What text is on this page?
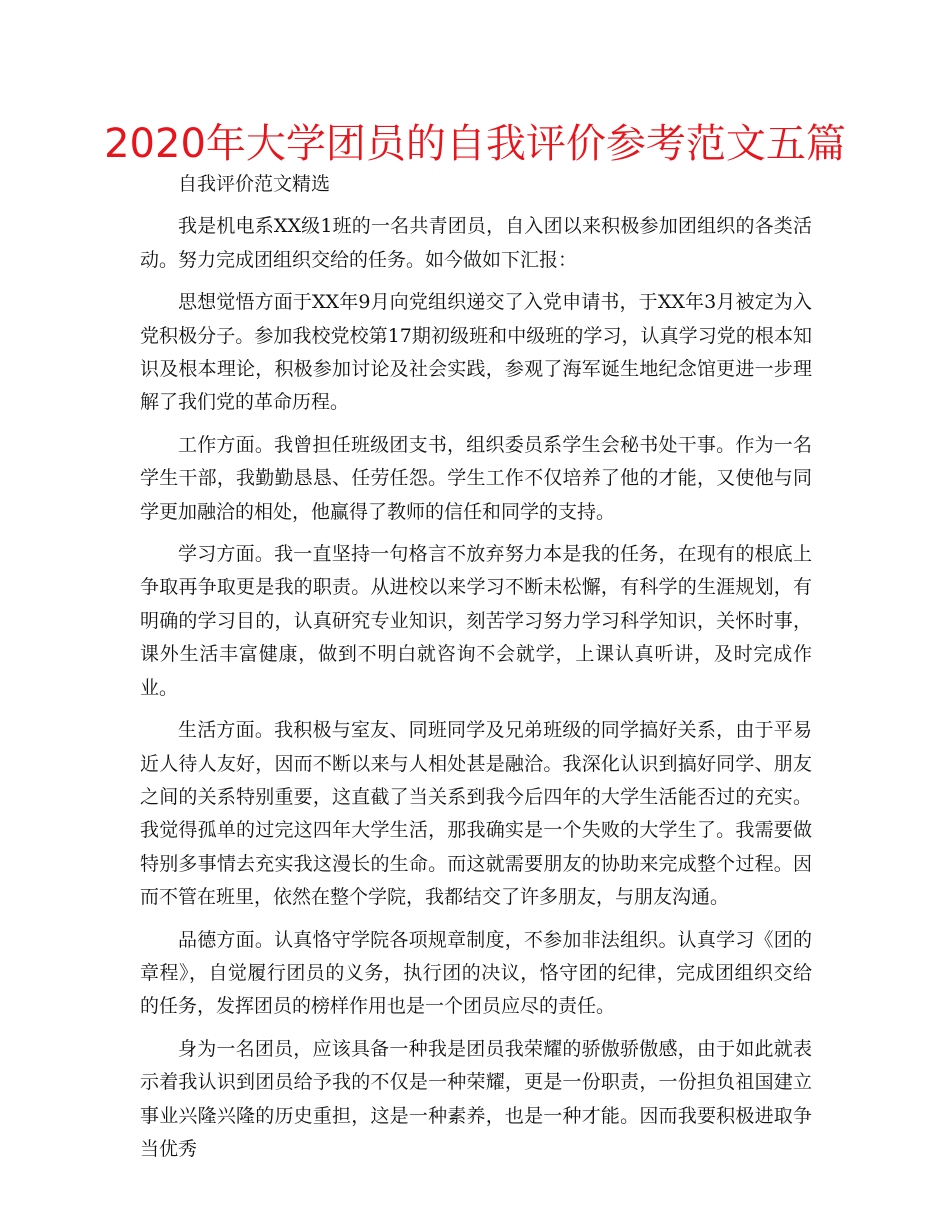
2020年大学团员的自我评价参考范文五篇

自我评价范文精选

我是机电系XX级1班的一名共青团员，自入团以来积极参加团组织的各类活动。努力完成团组织交给的任务。如今做如下汇报：

思想觉悟方面于XX年9月向党组织递交了入党申请书，于XX年3月被定为入党积极分子。参加我校党校第17期初级班和中级班的学习，认真学习党的根本知识及根本理论，积极参加讨论及社会实践，参观了海军诞生地纪念馆更进一步理解了我们党的革命历程。

工作方面。我曾担任班级团支书，组织委员系学生会秘书处干事。作为一名学生干部，我勤勤恳恳、任劳任怨。学生工作不仅培养了他的才能，又使他与同学更加融洽的相处，他赢得了教师的信任和同学的支持。

学习方面。我一直坚持一句格言不放弃努力本是我的任务，在现有的根底上争取再争取更是我的职责。从进校以来学习不断未松懈，有科学的生涯规划，有明确的学习目的，认真研究专业知识，刻苦学习努力学习科学知识，关怀时事，课外生活丰富健康，做到不明白就咨询不会就学，上课认真听讲，及时完成作业。

生活方面。我积极与室友、同班同学及兄弟班级的同学搞好关系，由于平易近人待人友好，因而不断以来与人相处甚是融洽。我深化认识到搞好同学、朋友之间的关系特别重要，这直截了当关系到我今后四年的大学生活能否过的充实。我觉得孤单的过完这四年大学生活，那我确实是一个失败的大学生了。我需要做特别多事情去充实我这漫长的生命。而这就需要朋友的协助来完成整个过程。因而不管在班里，依然在整个学院，我都结交了许多朋友，与朋友沟通。

品德方面。认真恪守学院各项规章制度，不参加非法组织。认真学习《团的章程》，自觉履行团员的义务，执行团的决议，恪守团的纪律，完成团组织交给的任务，发挥团员的榜样作用也是一个团员应尽的责任。

身为一名团员，应该具备一种我是团员我荣耀的骄傲骄傲感，由于如此就表示着我认识到团员给予我的不仅是一种荣耀，更是一份职责，一份担负祖国建立事业兴隆兴隆的历史重担，这是一种素养，也是一种才能。因而我要积极进取争当优秀
